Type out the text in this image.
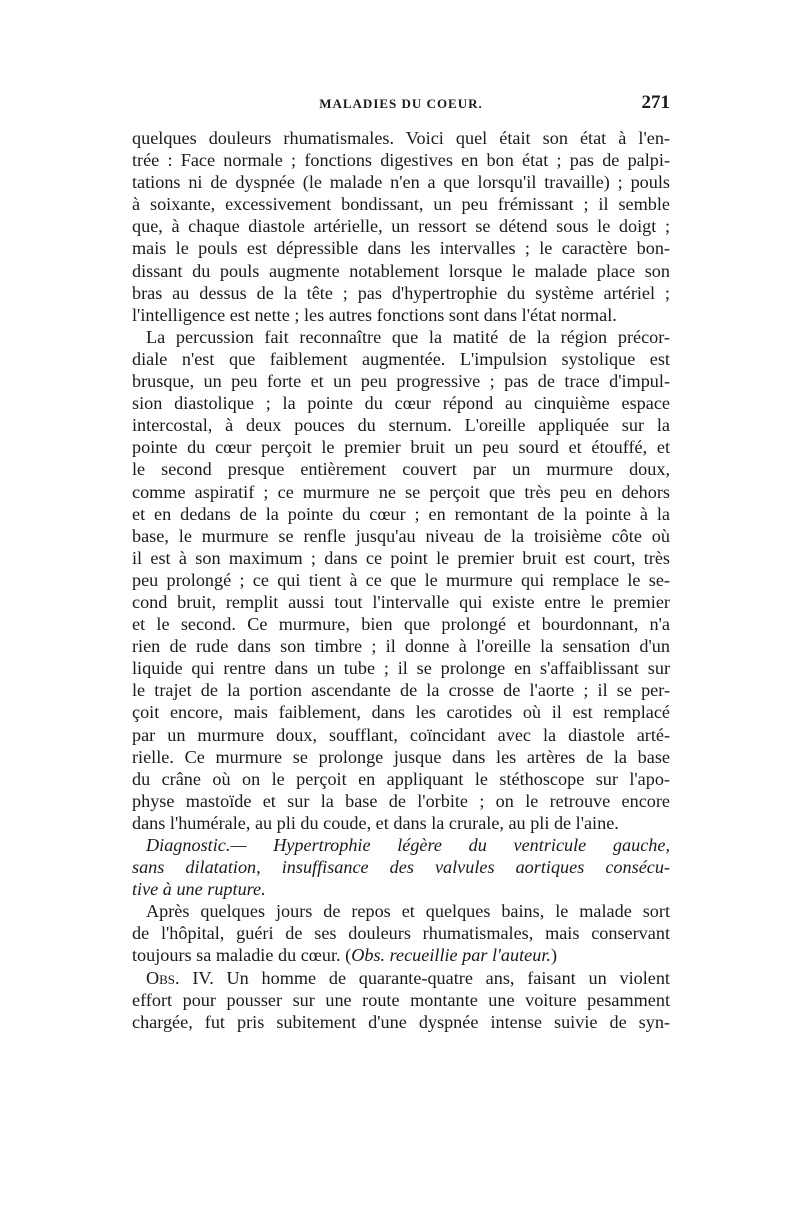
MALADIES DU COEUR.	271
quelques douleurs rhumatismales. Voici quel était son état à l'en-
trée : Face normale ; fonctions digestives en bon état ; pas de palpi-
tations ni de dyspnée (le malade n'en a que lorsqu'il travaille) ; pouls
à soixante, excessivement bondissant, un peu frémissant ; il semble
que, à chaque diastole artérielle, un ressort se détend sous le doigt ;
mais le pouls est dépressible dans les intervalles ; le caractère bon-
dissant du pouls augmente notablement lorsque le malade place son
bras au dessus de la tête ; pas d'hypertrophie du système artériel ;
l'intelligence est nette ; les autres fonctions sont dans l'état normal.
La percussion fait reconnaître que la matité de la région précor-
diale n'est que faiblement augmentée. L'impulsion systolique est
brusque, un peu forte et un peu progressive ; pas de trace d'impul-
sion diastolique ; la pointe du cœur répond au cinquième espace
intercostal, à deux pouces du sternum. L'oreille appliquée sur la
pointe du cœur perçoit le premier bruit un peu sourd et étouffé, et
le second presque entièrement couvert par un murmure doux,
comme aspiratif ; ce murmure ne se perçoit que très peu en dehors
et en dedans de la pointe du cœur ; en remontant de la pointe à la
base, le murmure se renfle jusqu'au niveau de la troisième côte où
il est à son maximum ; dans ce point le premier bruit est court, très
peu prolongé ; ce qui tient à ce que le murmure qui remplace le se-
cond bruit, remplit aussi tout l'intervalle qui existe entre le premier
et le second. Ce murmure, bien que prolongé et bourdonnant, n'a
rien de rude dans son timbre ; il donne à l'oreille la sensation d'un
liquide qui rentre dans un tube ; il se prolonge en s'affaiblissant sur
le trajet de la portion ascendante de la crosse de l'aorte ; il se per-
çoit encore, mais faiblement, dans les carotides où il est remplacé
par un murmure doux, soufflant, coïncidant avec la diastole arté-
rielle. Ce murmure se prolonge jusque dans les artères de la base
du crâne où on le perçoit en appliquant le stéthoscope sur l'apo-
physe mastoïde et sur la base de l'orbite ; on le retrouve encore
dans l'humérale, au pli du coude, et dans la crurale, au pli de l'aine.
Diagnostic.— Hypertrophie légère du ventricule gauche,
sans dilatation, insuffisance des valvules aortiques consécu-
tive à une rupture.
Après quelques jours de repos et quelques bains, le malade sort
de l'hôpital, guéri de ses douleurs rhumatismales, mais conservant
toujours sa maladie du cœur. (Obs. recueillie par l'auteur.)
Obs. IV. Un homme de quarante-quatre ans, faisant un violent
effort pour pousser sur une route montante une voiture pesamment
chargée, fut pris subitement d'une dyspnée intense suivie de syn-
